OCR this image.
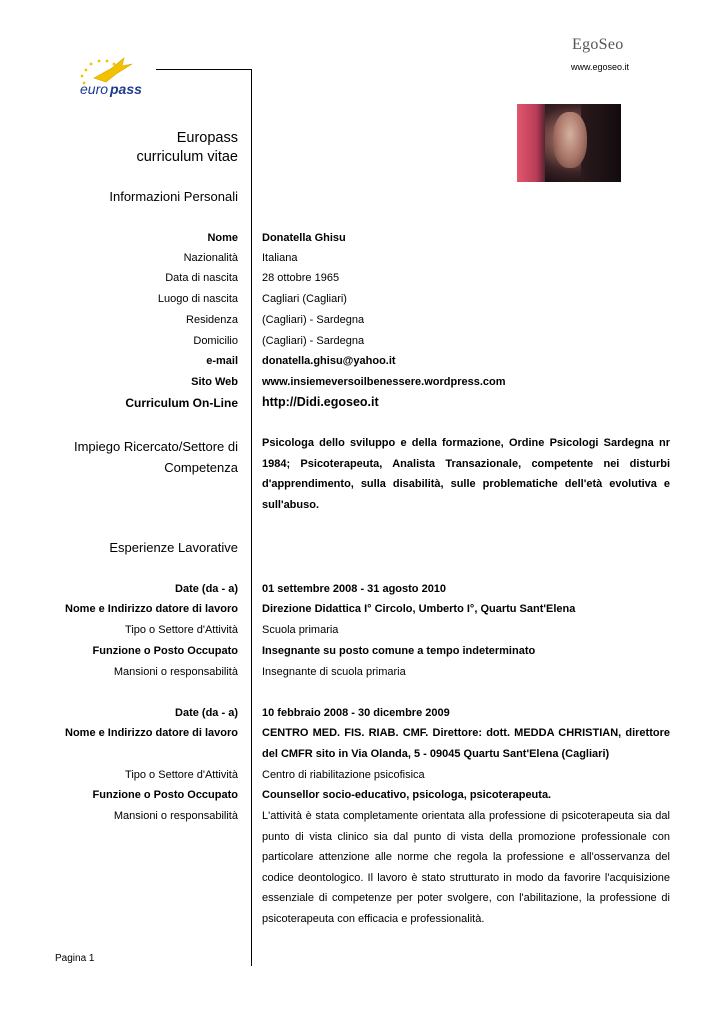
euro pass
EgoSeo
www.egoseo.it
Europass
curriculum vitae
Informazioni Personali
Nome Donatella Ghisu
Nazionalità Italiana
Data di nascita 28 ottobre 1965
Luogo di nascita Cagliari (Cagliari)
Residenza (Cagliari) - Sardegna
Domicilio (Cagliari) - Sardegna
e-mail donatella.ghisu@yahoo.it
Sito Web www.insiemeversoilbenessere.wordpress.com
Curriculum On-Line http://Didi.egoseo.it
Impiego Ricercato/Settore di
Competenza
Psicologa dello sviluppo e della formazione, Ordine Psicologi Sardegna nr 1984; Psicoterapeuta, Analista Transazionale, competente nei disturbi d'apprendimento, sulla disabilità, sulle problematiche dell'età evolutiva e sull'abuso.
Esperienze Lavorative
Date (da - a) 01 settembre 2008 - 31 agosto 2010
Nome e Indirizzo datore di lavoro Direzione Didattica I° Circolo, Umberto I°, Quartu Sant'Elena
Tipo o Settore d'Attività Scuola primaria
Funzione o Posto Occupato Insegnante su posto comune a tempo indeterminato
Mansioni o responsabilità Insegnante di scuola primaria
Date (da - a) 10 febbraio 2008 - 30 dicembre 2009
Nome e Indirizzo datore di lavoro CENTRO MED. FIS. RIAB. CMF. Direttore: dott. MEDDA CHRISTIAN, direttore del CMFR sito in Via Olanda, 5 - 09045 Quartu Sant'Elena (Cagliari)
Tipo o Settore d'Attività Centro di riabilitazione psicofisica
Funzione o Posto Occupato Counsellor socio-educativo, psicologa, psicoterapeuta.
Mansioni o responsabilità L'attività è stata completamente orientata alla professione di psicoterapeuta sia dal punto di vista clinico sia dal punto di vista della promozione professionale con particolare attenzione alle norme che regola la professione e all'osservanza del codice deontologico. Il lavoro è stato strutturato in modo da favorire l'acquisizione essenziale di competenze per poter svolgere, con l'abilitazione, la professione di psicoterapeuta con efficacia e professionalità.
Pagina 1
